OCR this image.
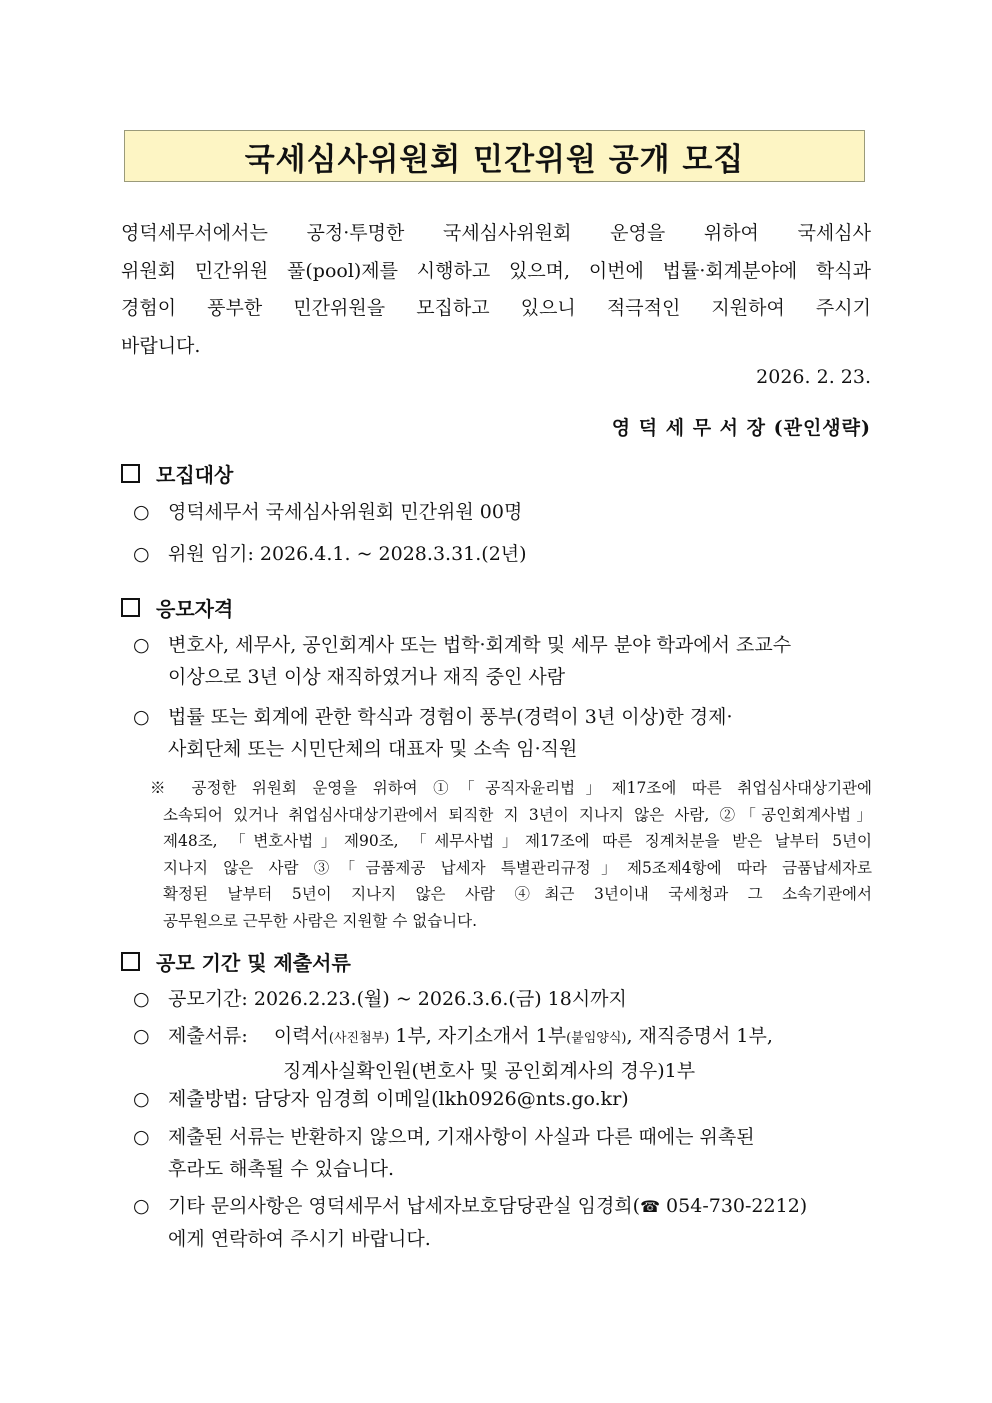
국세심사위원회 민간위원 공개 모집
영덕세무서에서는 공정·투명한 국세심사위원회 운영을 위하여 국세심사
위원회 민간위원 풀(pool)제를 시행하고 있으며, 이번에 법률·회계분야에 학식과
경험이 풍부한 민간위원을 모집하고 있으니 적극적인 지원하여 주시기
바랍니다.
2026. 2. 23.
영 덕 세 무 서 장 (관인생략)
모집대상
○ 영덕세무서 국세심사위원회 민간위원 00명
○ 위원 임기: 2026.4.1. ~ 2028.3.31.(2년)
응모자격
○ 변호사, 세무사, 공인회계사 또는 법학·회계학 및 세무 분야 학과에서 조교수
이상으로 3년 이상 재직하였거나 재직 중인 사람
○ 법률 또는 회계에 관한 학식과 경험이 풍부(경력이 3년 이상)한 경제·
사회단체 또는 시민단체의 대표자 및 소속 임·직원
※ 공정한 위원회 운영을 위하여 ①「공직자윤리법」제17조에 따른 취업심사대상기관에
소속되어 있거나 취업심사대상기관에서 퇴직한 지 3년이 지나지 않은 사람, ②「공인회계사법」
제48조, 「변호사법」제90조, 「세무사법」제17조에 따른 징계처분을 받은 날부터 5년이
지나지 않은 사람 ③「금품제공 납세자 특별관리규정」제5조제4항에 따라 금품납세자로
확정된 날부터 5년이 지나지 않은 사람 ④최근 3년이내 국세청과 그 소속기관에서
공무원으로 근무한 사람은 지원할 수 없습니다.
공모 기간 및 제출서류
○ 공모기간: 2026.2.23.(월) ~ 2026.3.6.(금) 18시까지
○ 제출서류: 이력서(사진첨부) 1부, 자기소개서 1부(붙임양식), 재직증명서 1부,
징계사실확인원(변호사 및 공인회계사의 경우)1부
○ 제출방법: 담당자 임경희 이메일(lkh0926@nts.go.kr)
○ 제출된 서류는 반환하지 않으며, 기재사항이 사실과 다른 때에는 위촉된
후라도 해촉될 수 있습니다.
○ 기타 문의사항은 영덕세무서 납세자보호담당관실 임경희(☎ 054-730-2212)
에게 연락하여 주시기 바랍니다.
